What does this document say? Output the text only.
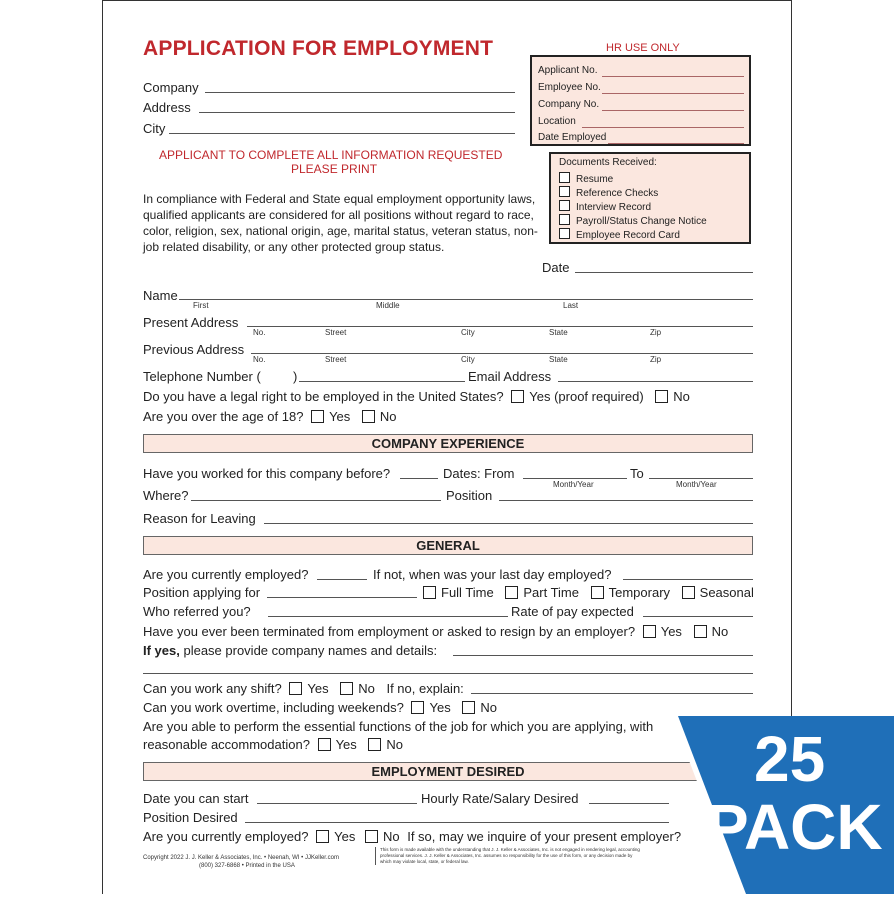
APPLICATION FOR EMPLOYMENT
Company
Address
City
APPLICANT TO COMPLETE ALL INFORMATION REQUESTED
PLEASE PRINT
In compliance with Federal and State equal employment opportunity laws, qualified applicants are considered for all positions without regard to race, color, religion, sex, national origin, age, marital status, veteran status, non-job related disability, or any other protected group status.
HR USE ONLY
Applicant No.
Employee No.
Company No.
Location
Date Employed
Documents Received:
Resume
Reference Checks
Interview Record
Payroll/Status Change Notice
Employee Record Card
Date
Name
First	Middle	Last
Present Address
No.	Street	City	State	Zip
Previous Address
No.	Street	City	State	Zip
Telephone Number ( )	Email Address
Do you have a legal right to be employed in the United States? Yes (proof required) No
Are you over the age of 18? Yes No
COMPANY EXPERIENCE
Have you worked for this company before?	Dates: From
Month/Year
To
Month/Year
Where?	Position
Reason for Leaving
GENERAL
Are you currently employed?	If not, when was your last day employed?
Position applying for	Full Time Part Time Temporary Seasonal
Who referred you?	Rate of pay expected
Have you ever been terminated from employment or asked to resign by an employer? Yes No
If yes, please provide company names and details:
Can you work any shift? Yes No If no, explain:
Can you work overtime, including weekends? Yes No
Are you able to perform the essential functions of the job for which you are applying, with
reasonable accommodation? Yes No
EMPLOYMENT DESIRED
Date you can start	Hourly Rate/Salary Desired
Position Desired
Are you currently employed? Yes No If so, may we inquire of your present employer?
Copyright 2022 J. J. Keller & Associates, Inc. • Neenah, WI • JJKeller.com
(800) 327-6868 • Printed in the USA
This form is made available with the understanding that J. J. Keller & Associates, Inc. is not engaged in rendering legal, accounting
professional services. J. J. Keller & Associates, Inc. assumes no responsibility for the use of this form, or any decision made by
which may violate local, state, or federal law.
25
PACK
